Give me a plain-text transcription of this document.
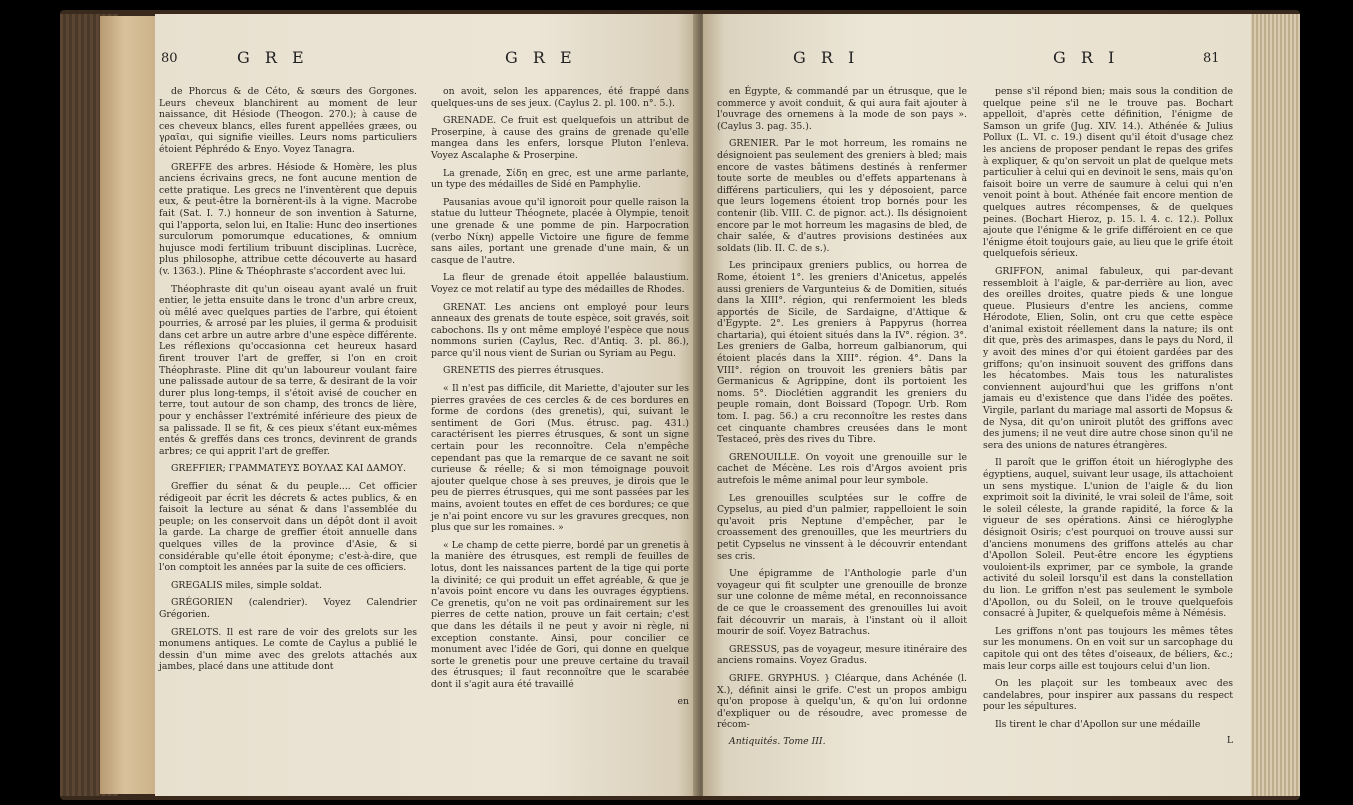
80	G R E	G R E

de Phorcus & de Céto, & sœurs des Gorgones. Leurs cheveux blanchirent au moment de leur naissance, dit Hésiode (Theogon. 270.); à cause de ces cheveux blancs, elles furent appellées græes, ou γραῖαι, qui signifie vieilles. Leurs noms particuliers étoient Péphrédo & Enyo. Voyez Tanagra.

GREFFE des arbres. Hésiode & Homère, les plus anciens écrivains grecs, ne font aucune mention de cette pratique. Les grecs ne l'inventèrent que depuis eux, & peut-être la bornèrent-ils à la vigne. Macrobe fait (Sat. I. 7.) honneur de son invention à Saturne, qui l'apporta, selon lui, en Italie: Hunc deo insertiones surculorum pomorumque educationes, & omnium hujusce modi fertilium tribuunt disciplinas. Lucrèce, plus philosophe, attribue cette découverte au hasard (v. 1363.). Pline & Théophraste s'accordent avec lui.

Théophraste dit qu'un oiseau ayant avalé un fruit entier, le jetta ensuite dans le tronc d'un arbre creux, où mêlé avec quelques parties de l'arbre, qui étoient pourries, & arrosé par les pluies, il germa & produisit dans cet arbre un autre arbre d'une espèce différente. Les réflexions qu'occasionna cet heureux hasard firent trouver l'art de greffer, si l'on en croit Théophraste. Pline dit qu'un laboureur voulant faire une palissade autour de sa terre, & desirant de la voir durer plus long-temps, il s'étoit avisé de coucher en terre, tout autour de son champ, des troncs de lière, pour y enchâsser l'extrémité inférieure des pieux de sa palissade. Il se fit, & ces pieux s'étant eux-mêmes entés & greffés dans ces troncs, devinrent de grands arbres; ce qui apprit l'art de greffer.

GREFFIER; ΓΡΑΜΜΑΤΕΥΣ ΒΟΥΛΑΣ ΚΑΙ ΔΑΜΟΥ.

Greffier du sénat & du peuple.... Cet officier rédigeoit par écrit les décrets & actes publics, & en faisoit la lecture au sénat & dans l'assemblée du peuple; on les conservoit dans un dépôt dont il avoit la garde. La charge de greffier étoit annuelle dans quelques villes de la province d'Asie, & si considérable qu'elle étoit éponyme; c'est-à-dire, que l'on comptoit les années par la suite de ces officiers.

GREGALIS miles, simple soldat.

GRÉGORIEN (calendrier). Voyez Calendrier Grégorien.

GRELOTS. Il est rare de voir des grelots sur les monumens antiques. Le comte de Caylus a publié le dessin d'un mime avec des grelots attachés aux jambes, placé dans une attitude dont

on avoit, selon les apparences, été frappé dans quelques-uns de ses jeux. (Caylus 2. pl. 100. n°. 5.).

GRENADE. Ce fruit est quelquefois un attribut de Proserpine, à cause des grains de grenade qu'elle mangea dans les enfers, lorsque Pluton l'enleva. Voyez Ascalaphe & Proserpine.

La grenade, Σίδη en grec, est une arme parlante, un type des médailles de Sidé en Pamphylie.

Pausanias avoue qu'il ignoroit pour quelle raison la statue du lutteur Théognete, placée à Olympie, tenoit une grenade & une pomme de pin. Harpocration (verbo Νίκη) appelle Victoire une figure de femme sans ailes, portant une grenade d'une main, & un casque de l'autre.

La fleur de grenade étoit appellée balaustium. Voyez ce mot relatif au type des médailles de Rhodes.

GRENAT. Les anciens ont employé pour leurs anneaux des grenats de toute espèce, soit gravés, soit cabochons. Ils y ont même employé l'espèce que nous nommons surien (Caylus, Rec. d'Antiq. 3. pl. 86.), parce qu'il nous vient de Surian ou Syriam au Pegu.

GRENETIS des pierres étrusques.

« Il n'est pas difficile, dit Mariette, d'ajouter sur les pierres gravées de ces cercles & de ces bordures en forme de cordons (des grenetis), qui, suivant le sentiment de Gori (Mus. étrusc. pag. 431.) caractérisent les pierres étrusques, & sont un signe certain pour les reconnoître. Cela n'empêche cependant pas que la remarque de ce savant ne soit curieuse & réelle; & si mon témoignage pouvoit ajouter quelque chose à ses preuves, je dirois que le peu de pierres étrusques, qui me sont passées par les mains, avoient toutes en effet de ces bordures; ce que je n'ai point encore vu sur les gravures grecques, non plus que sur les romaines. »

« Le champ de cette pierre, bordé par un grenetis à la manière des étrusques, est rempli de feuilles de lotus, dont les naissances partent de la tige qui porte la divinité; ce qui produit un effet agréable, & que je n'avois point encore vu dans les ouvrages égyptiens. Ce grenetis, qu'on ne voit pas ordinairement sur les pierres de cette nation, prouve un fait certain; c'est que dans les détails il ne peut y avoir ni règle, ni exception constante. Ainsi, pour concilier ce monument avec l'idée de Gori, qui donne en quelque sorte le grenetis pour une preuve certaine du travail des étrusques; il faut reconnoître que le scarabée dont il s'agit aura été travaillé

en

G R I	G R I	81

en Égypte, & commandé par un étrusque, que le commerce y avoit conduit, & qui aura fait ajouter à l'ouvrage des ornemens à la mode de son pays ». (Caylus 3. pag. 35.).

GRENIER. Par le mot horreum, les romains ne désignoient pas seulement des greniers à bled; mais encore de vastes bâtimens destinés à renfermer toute sorte de meubles ou d'effets appartenans à différens particuliers, qui les y déposoient, parce que leurs logemens étoient trop bornés pour les contenir (lib. VIII. C. de pignor. act.). Ils désignoient encore par le mot horreum les magasins de bled, de chair salée, & d'autres provisions destinées aux soldats (lib. II. C. de s.).

Les principaux greniers publics, ou horrea de Rome, étoient 1°. les greniers d'Anicetus, appelés aussi greniers de Vargunteius & de Domitien, situés dans la XIII°. région, qui renfermoient les bleds apportés de Sicile, de Sardaigne, d'Attique & d'Égypte. 2°. Les greniers à Pappyrus (horrea chartaria), qui étoient situés dans la IV°. région. 3°. Les greniers de Galba, horreum galbianorum, qui étoient placés dans la XIII°. région. 4°. Dans la VIII°. région on trouvoit les greniers bâtis par Germanicus & Agrippine, dont ils portoient les noms. 5°. Dioclétien aggrandit les greniers du peuple romain, dont Boissard (Topogr. Urb. Rom tom. I. pag. 56.) a cru reconnoître les restes dans cet cinquante chambres creusées dans le mont Testaceó, près des rives du Tibre.

GRENOUILLE. On voyoit une grenouille sur le cachet de Mécène. Les rois d'Argos avoient pris autrefois le même animal pour leur symbole.

Les grenouilles sculptées sur le coffre de Cypselus, au pied d'un palmier, rappelloient le soin qu'avoit pris Neptune d'empêcher, par le croassement des grenouilles, que les meurtriers du petit Cypselus ne vinssent à le découvrir entendant ses cris.

Une épigramme de l'Anthologie parle d'un voyageur qui fit sculpter une grenouille de bronze sur une colonne de même métal, en reconnoissance de ce que le croassement des grenouilles lui avoit fait découvrir un marais, à l'instant où il alloit mourir de soif. Voyez Batrachus.

GRESSUS, pas de voyageur, mesure itinéraire des anciens romains. Voyez Gradus.

GRIFE. GRYPHUS. } Cléarque, dans Achénée (l. X.), définit ainsi le grife. C'est un propos ambigu qu'on propose à quelqu'un, & qu'on lui ordonne d'expliquer ou de résoudre, avec promesse de récom-

Antiquités. Tome III.

pense s'il répond bien; mais sous la condition de quelque peine s'il ne le trouve pas. Bochart appelloit, d'après cette définition, l'énigme de Samson un grife (Jug. XIV. 14.). Athénée & Julius Pollux (L. VI. c. 19.) disent qu'il étoit d'usage chez les anciens de proposer pendant le repas des grifes à expliquer, & qu'on servoit un plat de quelque mets particulier à celui qui en devinoit le sens, mais qu'on faisoit boire un verre de saumure à celui qui n'en venoit point à bout. Athénée fait encore mention de quelques autres récompenses, & de quelques peines. (Bochart Hieroz, p. 15. l. 4. c. 12.). Pollux ajoute que l'énigme & le grife différoient en ce que l'énigme étoit toujours gaie, au lieu que le grife étoit quelquefois sérieux.

GRIFFON, animal fabuleux, qui par-devant ressembloit à l'aigle, & par-derrière au lion, avec des oreilles droites, quatre pieds & une longue queue. Plusieurs d'entre les anciens, comme Hérodote, Elien, Solin, ont cru que cette espèce d'animal existoit réellement dans la nature; ils ont dit que, près des arimaspes, dans le pays du Nord, il y avoit des mines d'or qui étoient gardées par des griffons; qu'on insinuoit souvent des griffons dans les hécatombes. Mais tous les naturalistes conviennent aujourd'hui que les griffons n'ont jamais eu d'existence que dans l'idée des poëtes. Virgile, parlant du mariage mal assorti de Mopsus & de Nysa, dit qu'on uniroit plutôt des griffons avec des jumens; il ne veut dire autre chose sinon qu'il ne sera des unions de natures étrangères.

Il paroît que le griffon étoit un hiéroglyphe des égyptiens, auquel, suivant leur usage, ils attachoient un sens mystique. L'union de l'aigle & du lion exprimoit soit la divinité, le vrai soleil de l'âme, soit le soleil céleste, la grande rapidité, la force & la vigueur de ses opérations. Ainsi ce hiéroglyphe désignoit Osiris; c'est pourquoi on trouve aussi sur d'anciens monumens des griffons attelés au char d'Apollon Soleil. Peut-être encore les égyptiens vouloient-ils exprimer, par ce symbole, la grande activité du soleil lorsqu'il est dans la constellation du lion. Le griffon n'est pas seulement le symbole d'Apollon, ou du Soleil, on le trouve quelquefois consacré à Jupiter, & quelquefois même à Némésis.

Les griffons n'ont pas toujours les mêmes têtes sur les monumens. On en voit sur un sarcophage du capitole qui ont des têtes d'oiseaux, de béliers, &c.; mais leur corps aille est toujours celui d'un lion.

On les plaçoit sur les tombeaux avec des candelabres, pour inspirer aux passans du respect pour les sépultures.

Ils tirent le char d'Apollon sur une médaille

L
